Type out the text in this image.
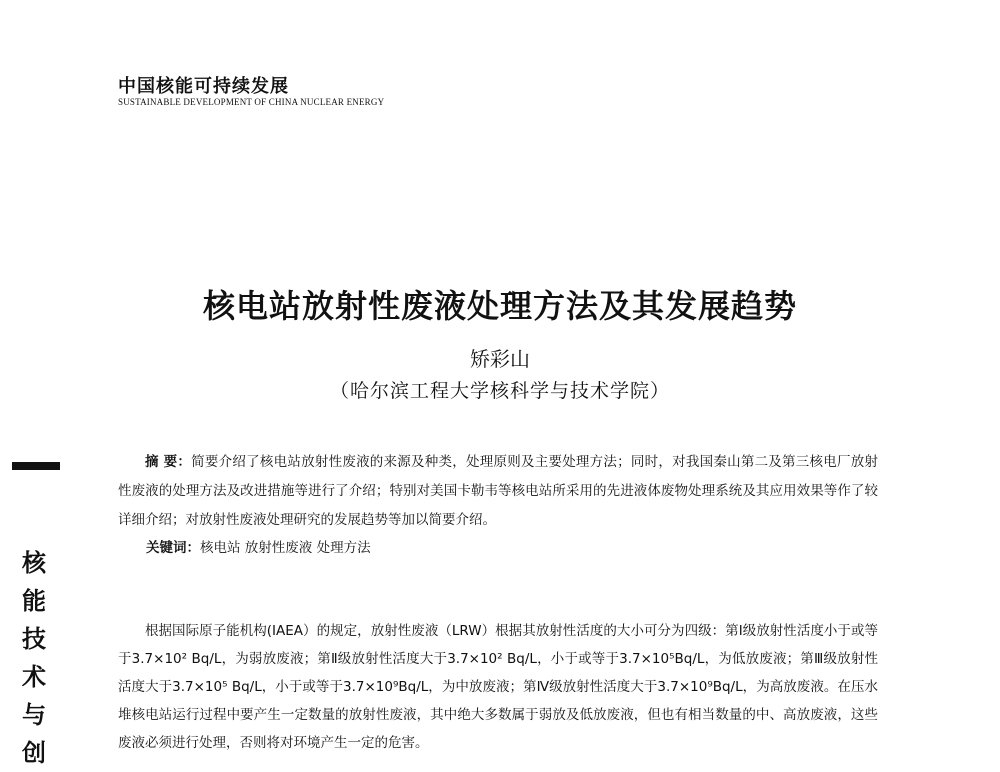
中国核能可持续发展
SUSTAINABLE DEVELOPMENT OF CHINA NUCLEAR ENERGY
核电站放射性废液处理方法及其发展趋势
矫彩山
（哈尔滨工程大学核科学与技术学院）
核
能
技
术
与
创

摘 要：简要介绍了核电站放射性废液的来源及种类，处理原则及主要处理方法；同时，对我国秦山第二及第三核电厂放射性废液的处理方法及改进措施等进行了介绍；特别对美国卡勒韦等核电站所采用的先进液体废物处理系统及其应用效果等作了较详细介绍；对放射性废液处理研究的发展趋势等加以简要介绍。

关键词：核电站 放射性废液 处理方法

根据国际原子能机构(IAEA）的规定，放射性废液（LRW）根据其放射性活度的大小可分为四级：第Ⅰ级放射性活度小于或等于3.7×10² Bq/L，为弱放废液；第Ⅱ级放射性活度大于3.7×10² Bq/L，小于或等于3.7×10⁵Bq/L，为低放废液；第Ⅲ级放射性活度大于3.7×10⁵ Bq/L，小于或等于3.7×10⁹Bq/L，为中放废液；第Ⅳ级放射性活度大于3.7×10⁹Bq/L，为高放废液。在压水堆核电站运行过程中要产生一定数量的放射性废液，其中绝大多数属于弱放及低放废液，但也有相当数量的中、高放废液，这些废液必须进行处理，否则将对环境产生一定的危害。
